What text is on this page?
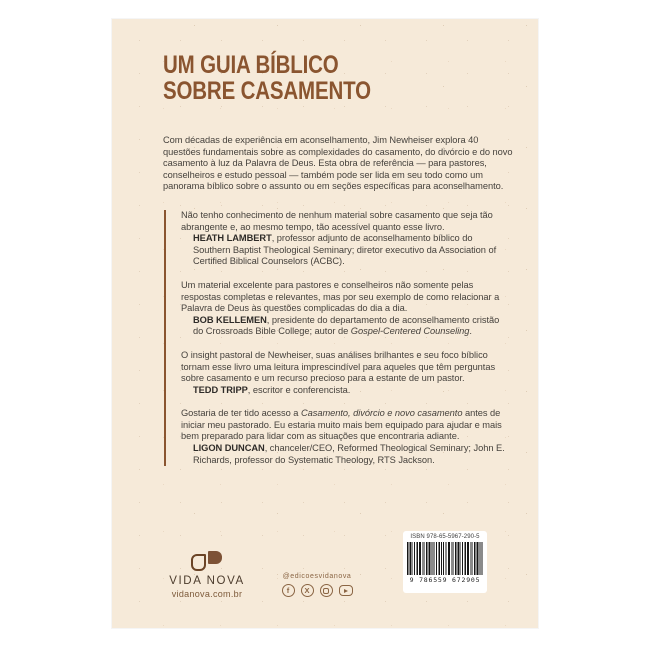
UM GUIA BÍBLICO
SOBRE CASAMENTO

Com décadas de experiência em aconselhamento, Jim Newheiser explora 40 questões fundamentais sobre as complexidades do casamento, do divórcio e do novo casamento à luz da Palavra de Deus. Esta obra de referência — para pastores, conselheiros e estudo pessoal — também pode ser lida em seu todo como um panorama bíblico sobre o assunto ou em seções específicas para aconselhamento.

Não tenho conhecimento de nenhum material sobre casamento que seja tão abrangente e, ao mesmo tempo, tão acessível quanto esse livro.

HEATH LAMBERT, professor adjunto de aconselhamento bíblico do Southern Baptist Theological Seminary; diretor executivo da Association of Certified Biblical Counselors (ACBC).

Um material excelente para pastores e conselheiros não somente pelas respostas completas e relevantes, mas por seu exemplo de como relacionar a Palavra de Deus às questões complicadas do dia a dia.

BOB KELLEMEN, presidente do departamento de aconselhamento cristão do Crossroads Bible College; autor de Gospel-Centered Counseling.

O insight pastoral de Newheiser, suas análises brilhantes e seu foco bíblico tornam esse livro uma leitura imprescindível para aqueles que têm perguntas sobre casamento e um recurso precioso para a estante de um pastor.

TEDD TRIPP, escritor e conferencista.

Gostaria de ter tido acesso a Casamento, divórcio e novo casamento antes de iniciar meu pastorado. Eu estaria muito mais bem equipado para ajudar e mais bem preparado para lidar com as situações que encontraria adiante.

LIGON DUNCAN, chanceler/CEO, Reformed Theological Seminary; John E. Richards, professor do Systematic Theology, RTS Jackson.

VIDA NOVA
vidanova.com.br
@edicoesvidanova
f	X
ISBN 978-65-5967-290-5
9 786559 672905
